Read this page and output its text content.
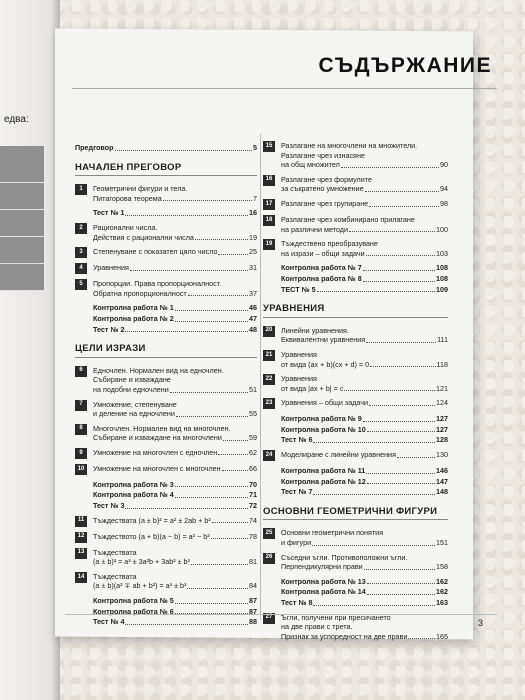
едва:
СЪДЪРЖАНИЕ
Предговор	5
НАЧАЛЕН ПРЕГОВОР
1	Геометрични фигури и тела.
Питагорова теорема	7
Тест № 1	16
2	Рационални числа.
Действия с рационални числа	19
3	Степенуване с показател цяло число	25
4	Уравнения	31
5	Пропорции. Права пропорционалност.
Обратна пропорционалност	37
Контролна работа № 1	46
Контролна работа № 2	47
Тест № 2	48
ЦЕЛИ ИЗРАЗИ
6	Едночлен. Нормален вид на едночлен.
Събиране и изваждане
на подобни едночлени	51
7	Умножение, степенуване
и деление на едночлени	55
8	Многочлен. Нормален вид на многочлен.
Събиране и изваждане на многочлени	59
9	Умножение на многочлен с едночлен	62
10	Умножение на многочлен с многочлен	66
Контролна работа № 3	70
Контролна работа № 4	71
Тест № 3	72
11	Тъждествата (a ± b)² = a² ± 2ab + b²	74
12	Тъждеството (a + b)(a − b) = a² − b²	78
13	Тъждествата
(a ± b)³ = a³ ± 3a²b + 3ab² ± b³	81
14	Тъждествата
(a ± b)(a² ∓ ab + b²) = a³ ± b³	84
Контролна работа № 5	87
Контролна работа № 6	87
Тест № 4	88
15	Разлагане на многочлени на множители.
Разлагане чрез изнасяне
на общ множител	90
16	Разлагане чрез формулите
за съкратено умножение	94
17	Разлагане чрез групиране	98
18	Разлагане чрез комбинирано прилагане
на различни методи	100
19	Тъждествено преобразуване
на изрази – общи задачи	103
Контролна работа № 7	108
Контролна работа № 8	108
ТЕСТ № 5	109
УРАВНЕНИЯ
20	Линейни уравнения.
Еквивалентни уравнения	111
21	Уравнения
от вида (ax + b)(cx + d) = 0	118
22	Уравнения
от вида |ax + b| = c	121
23	Уравнения – общи задачи	124
Контролна работа № 9	127
Контролна работа № 10	127
Тест № 6	128
24	Моделиране с линейни уравнения	130
Контролна работа № 11	146
Контролна работа № 12	147
Тест № 7	148
ОСНОВНИ ГЕОМЕТРИЧНИ ФИГУРИ
25	Основни геометрични понятия
и фигури	151
26	Съседни ъгли. Противоположни ъгли.
Перпендикулярни прави	158
Контролна работа № 13	162
Контролна работа № 14	162
Тест № 8	163
27	Ъгли, получени при пресичането
на две прави с трета.
Признак за успоредност на две прави	165
3
